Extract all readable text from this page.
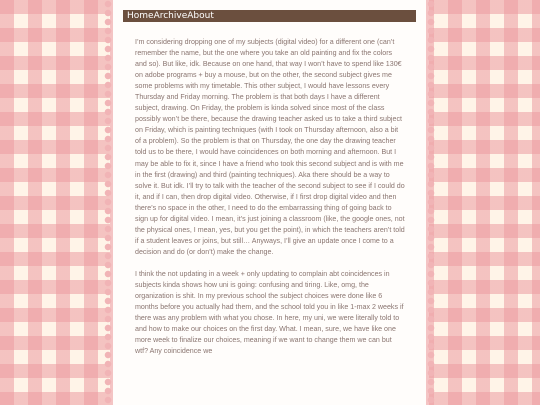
Home Archive About

I’m considering dropping one of my subjects (digital video) for a different one (can’t remember the name, but the one where you take an old painting and fix the colors and so). But like, idk. Because on one hand, that way I won’t have to spend like 130€ on adobe programs + buy a mouse, but on the other, the second subject gives me some problems with my timetable. This other subject, I would have lessons every Thursday and Friday morning. The problem is that both days I have a different subject, drawing. On Friday, the problem is kinda solved since most of the class possibly won’t be there, because the drawing teacher asked us to take a third subject on Friday, which is painting techniques (with I took on Thursday afternoon, also a bit of a problem). So the problem is that on Thursday, the one day the drawing teacher told us to be there, I would have coincidences on both morning and afternoon. But I may be able to fix it, since I have a friend who took this second subject and is with me in the first (drawing) and third (painting techniques). Aka there should be a way to solve it. But idk. I’ll try to talk with the teacher of the second subject to see if I could do it, and if I can, then drop digital video. Otherwise, if I first drop digital video and then there’s no space in the other, I need to do the embarrassing thing of going back to sign up for digital video. I mean, it’s just joining a classroom (like, the google ones, not the physical ones, I mean, yes, but you get the point), in which the teachers aren’t told if a student leaves or joins, but still… Anyways, I’ll give an update once I come to a decision and do (or don’t) make the change.

I think the not updating in a week + only updating to complain abt coincidences in subjects kinda shows how uni is going: confusing and tiring. Like, omg, the organization is shit. In my previous school the subject choices were done like 6 months before you actually had them, and the school told you in like 1-max 2 weeks if there was any problem with what you chose. In here, my uni, we were literally told to and how to make our choices on the first day. What. I mean, sure, we have like one more week to finalize our choices, meaning if we want to change them we can but wtf? Any coincidence we
